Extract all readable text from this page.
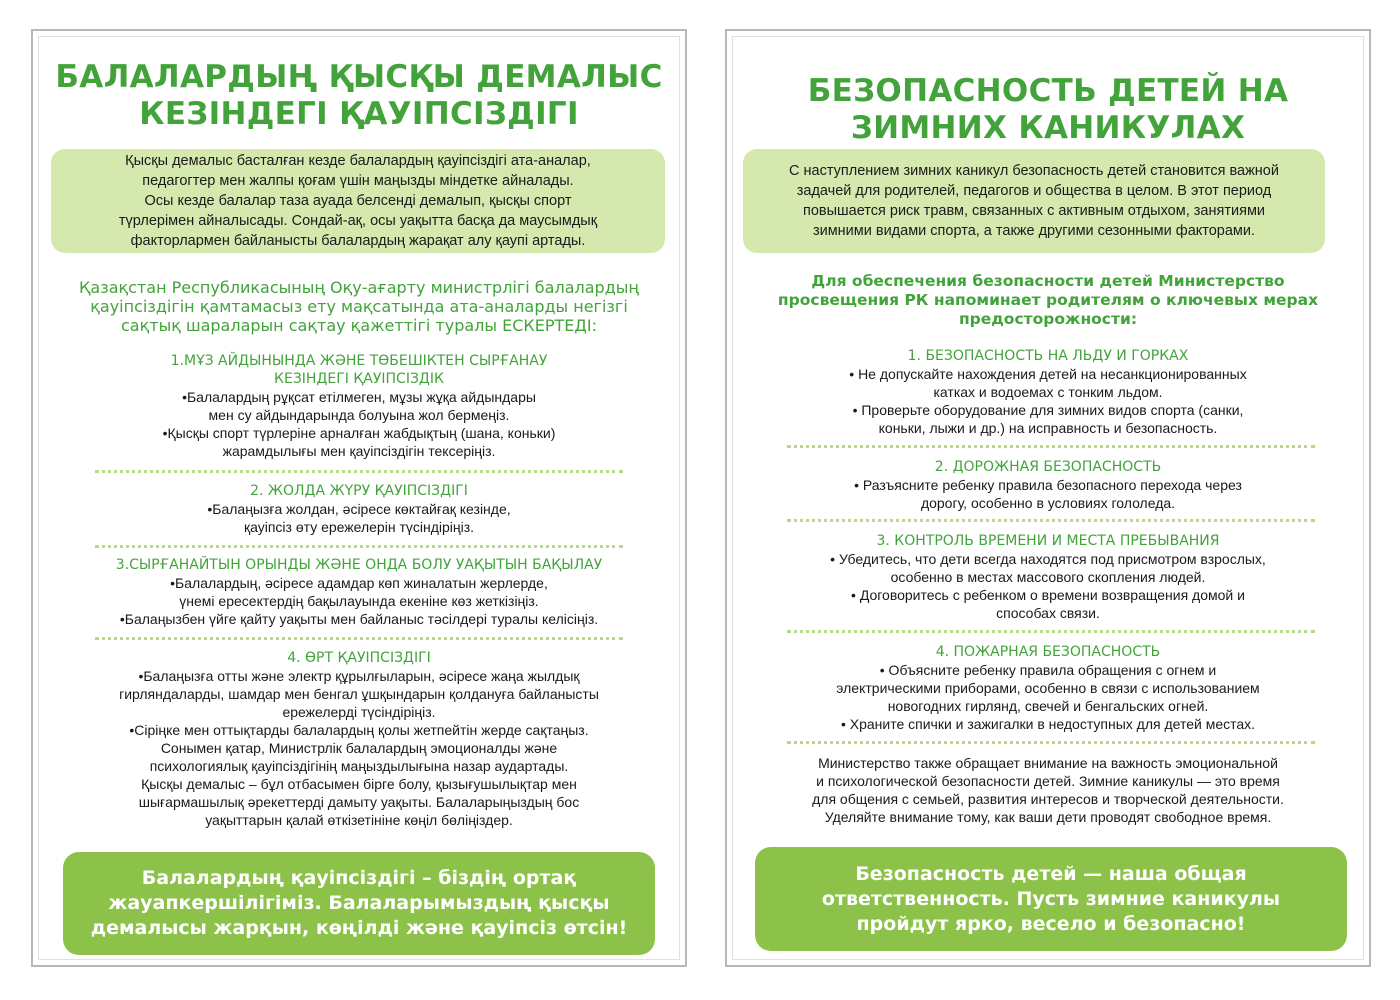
БАЛАЛАРДЫҢ ҚЫСҚЫ ДЕМАЛЫС
КЕЗІНДЕГІ ҚАУІПСІЗДІГІ
Қысқы демалыс басталған кезде балалардың қауіпсіздігі ата-аналар,
педагогтер мен жалпы қоғам үшін маңызды міндетке айналады.
Осы кезде балалар таза ауада белсенді демалып, қысқы спорт
түрлерімен айналысады. Сондай-ақ, осы уақытта басқа да маусымдық
факторлармен байланысты балалардың жарақат алу қаупі артады.
Қазақстан Республикасының Оқу-ағарту министрлігі балалардың
қауіпсіздігін қамтамасыз ету мақсатында ата-аналарды негізгі
сақтық шараларын сақтау қажеттігі туралы ЕСКЕРТЕДІ:
1.МҰЗ АЙДЫНЫНДА ЖӘНЕ ТӨБЕШІКТЕН СЫРҒАНАУ
КЕЗІНДЕГІ ҚАУІПСІЗДІК
•Балалардың рұқсат етілмеген, мұзы жұқа айдындары
мен су айдындарында болуына жол бермеңіз.
•Қысқы спорт түрлеріне арналған жабдықтың (шана, коньки)
жарамдылығы мен қауіпсіздігін тексеріңіз.
2. ЖОЛДА ЖҮРУ ҚАУІПСІЗДІГІ
•Балаңызға жолдан, әсіресе көктайғақ кезінде,
қауіпсіз өту ережелерін түсіндіріңіз.
3.СЫРҒАНАЙТЫН ОРЫНДЫ ЖӘНЕ ОНДА БОЛУ УАҚЫТЫН БАҚЫЛАУ
•Балалардың, әсіресе адамдар көп жиналатын жерлерде,
үнемі ересектердің бақылауында екеніне көз жеткізіңіз.
•Балаңызбен үйге қайту уақыты мен байланыс тәсілдері туралы келісіңіз.
4. ӨРТ ҚАУІПСІЗДІГІ
•Балаңызға отты және электр құрылғыларын, әсіресе жаңа жылдық
гирляндаларды, шамдар мен бенгал ұшқындарын қолдануға байланысты
ережелерді түсіндіріңіз.
•Сіріңке мен оттықтарды балалардың қолы жетпейтін жерде сақтаңыз.
Сонымен қатар, Министрлік балалардың эмоционалды және
психологиялық қауіпсіздігінің маңыздылығына назар аудартады.
Қысқы демалыс – бұл отбасымен бірге болу, қызығушылықтар мен
шығармашылық әрекеттерді дамыту уақыты. Балаларыңыздың бос
уақыттарын қалай өткізетініне көңіл бөліңіздер.
Балалардың қауіпсіздігі – біздің ортақ
жауапкершілігіміз. Балаларымыздың қысқы
демалысы жарқын, көңілді және қауіпсіз өтсін!
БЕЗОПАСНОСТЬ ДЕТЕЙ НА
ЗИМНИХ КАНИКУЛАХ
С наступлением зимних каникул безопасность детей становится важной
задачей для родителей, педагогов и общества в целом. В этот период
повышается риск травм, связанных с активным отдыхом, занятиями
зимними видами спорта, а также другими сезонными факторами.
Для обеспечения безопасности детей Министерство
просвещения РК напоминает родителям о ключевых мерах
предосторожности:
1. БЕЗОПАСНОСТЬ НА ЛЬДУ И ГОРКАХ
• Не допускайте нахождения детей на несанкционированных
катках и водоемах с тонким льдом.
• Проверьте оборудование для зимних видов спорта (санки,
коньки, лыжи и др.) на исправность и безопасность.
2. ДОРОЖНАЯ БЕЗОПАСНОСТЬ
• Разъясните ребенку правила безопасного перехода через
дорогу, особенно в условиях гололеда.
3. КОНТРОЛЬ ВРЕМЕНИ И МЕСТА ПРЕБЫВАНИЯ
• Убедитесь, что дети всегда находятся под присмотром взрослых,
особенно в местах массового скопления людей.
• Договоритесь с ребенком о времени возвращения домой и
способах связи.
4. ПОЖАРНАЯ БЕЗОПАСНОСТЬ
• Объясните ребенку правила обращения с огнем и
электрическими приборами, особенно в связи с использованием
новогодних гирлянд, свечей и бенгальских огней.
• Храните спички и зажигалки в недоступных для детей местах.
Министерство также обращает внимание на важность эмоциональной
и психологической безопасности детей. Зимние каникулы — это время
для общения с семьей, развития интересов и творческой деятельности.
Уделяйте внимание тому, как ваши дети проводят свободное время.
Безопасность детей — наша общая
ответственность. Пусть зимние каникулы
пройдут ярко, весело и безопасно!
